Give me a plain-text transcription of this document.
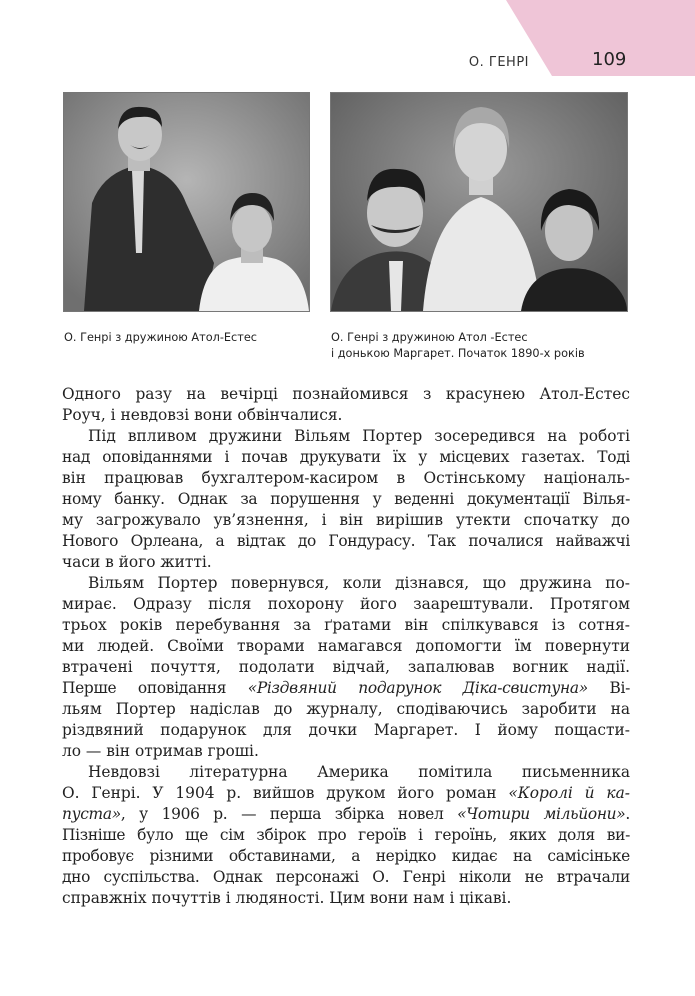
О. ГЕНРІ	109
О. Генрі з дружиною Атол-Естес	О. Генрі з дружиною Атол -Естес
і донькою Маргарет. Початок 1890-х років

Одного разу на вечірці познайомився з красунею Атол-Естес

Роуч, і невдовзі вони обвінчалися.

Під впливом дружини Вільям Портер зосередився на роботі

над оповіданнями і почав друкувати їх у місцевих газетах. Тоді

він працював бухгалтером-касиром в Остінському національ-

ному банку. Однак за порушення у веденні документації Вілья-

му загрожувало ув’язнення, і він вирішив утекти спочатку до

Нового Орлеана, а відтак до Гондурасу. Так почалися найважчі

часи в його житті.

Вільям Портер повернувся, коли дізнався, що дружина по-

мирає. Одразу після похорону його заарештували. Протягом

трьох років перебування за ґратами він спілкувався із сотня-

ми людей. Своїми творами намагався допомогти їм повернути

втрачені почуття, подолати відчай, запалював вогник надії.

Перше оповідання «Різдвяний подарунок Діка-свистуна» Ві-

льям Портер надіслав до журналу, сподіваючись заробити на

різдвяний подарунок для дочки Маргарет. І йому пощасти-

ло — він отримав гроші.

Невдовзі літературна Америка помітила письменника

О. Генрі. У 1904 р. вийшов друком його роман «Королі й ка-

пуста», у 1906 р. — перша збірка новел «Чотири мільйони».

Пізніше було ще сім збірок про героїв і героїнь, яких доля ви-

пробовує різними обставинами, а нерідко кидає на самісіньке

дно суспільства. Однак персонажі О. Генрі ніколи не втрачали

справжніх почуттів і людяності. Цим вони нам і цікаві.
